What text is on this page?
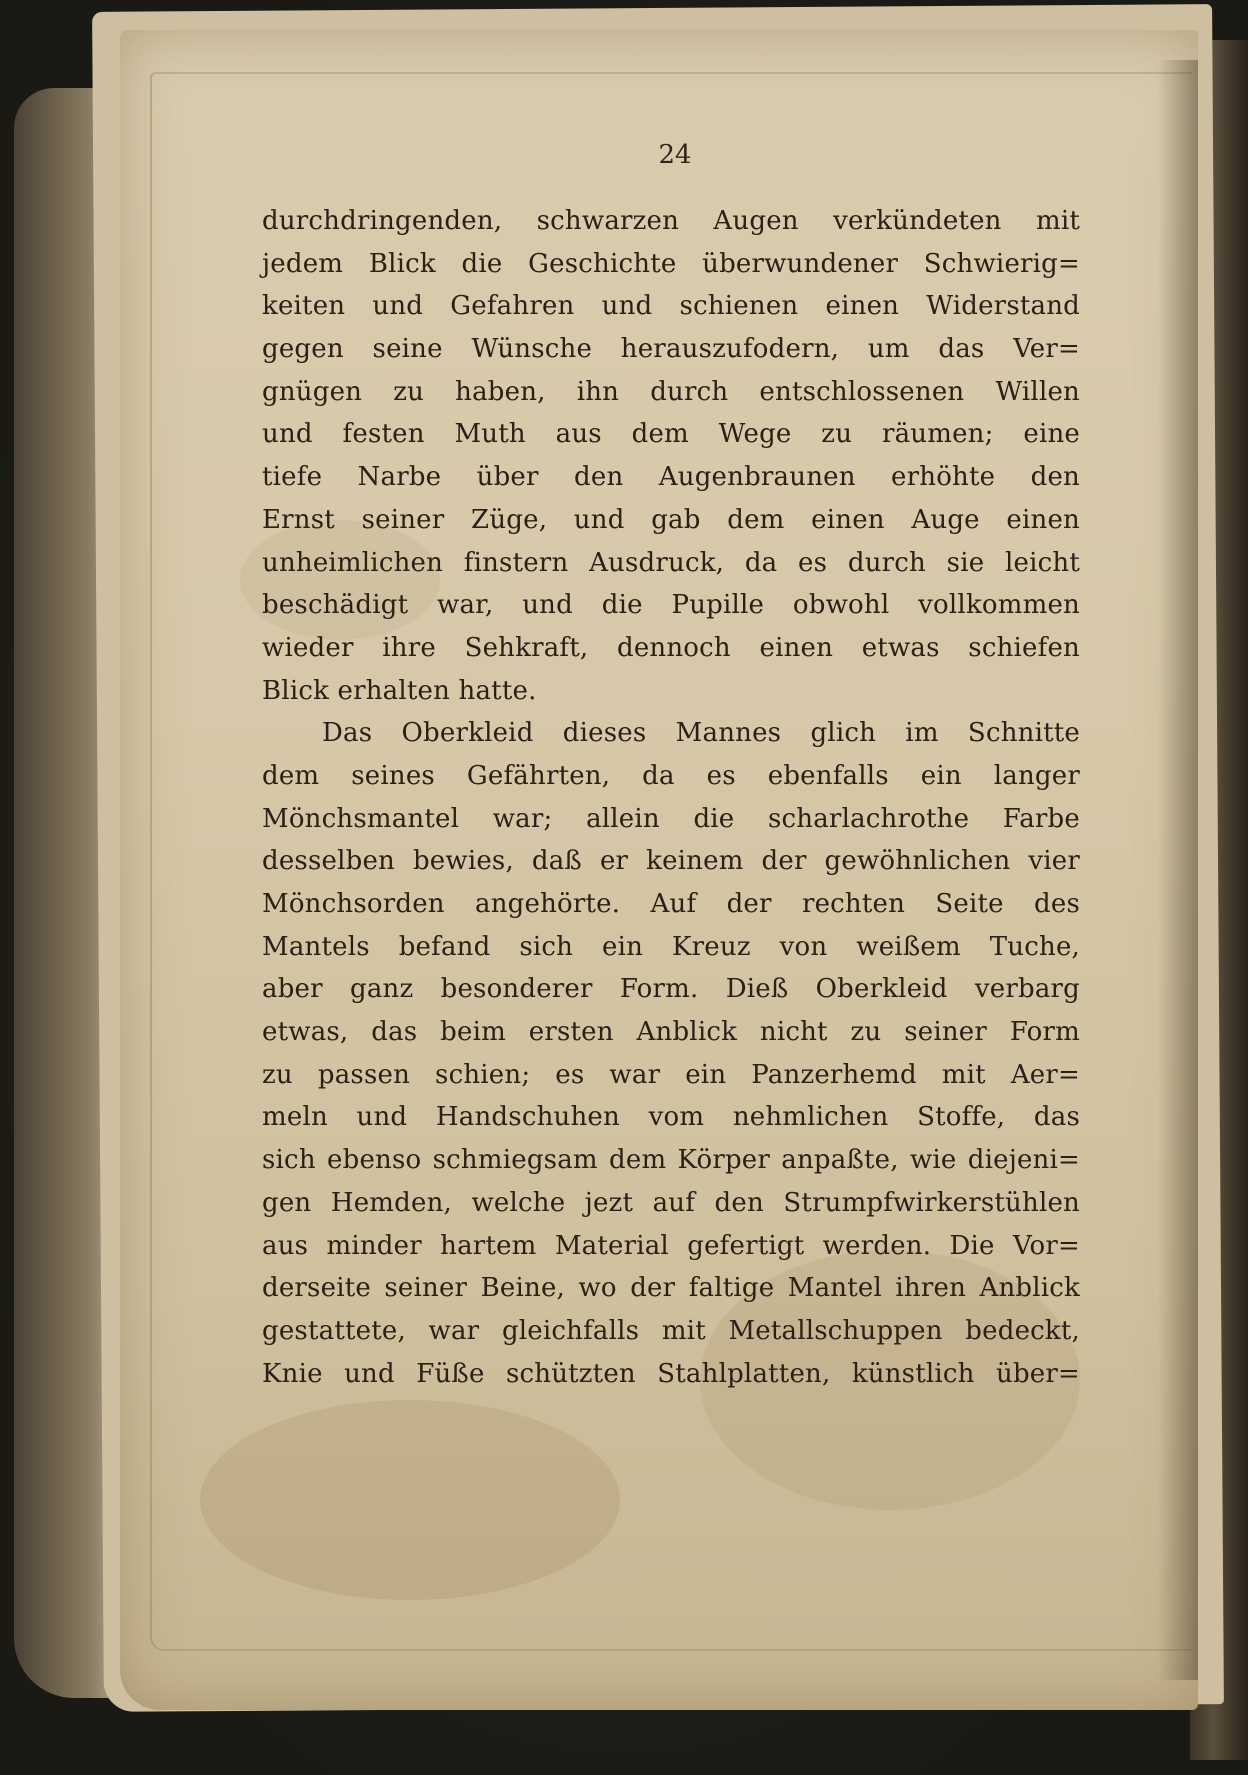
24
durchdringenden, schwarzen Augen verkündeten mit
jedem Blick die Geschichte überwundener Schwierig=
keiten und Gefahren und schienen einen Widerstand
gegen seine Wünsche herauszufodern, um das Ver=
gnügen zu haben, ihn durch entschlossenen Willen
und festen Muth aus dem Wege zu räumen; eine
tiefe Narbe über den Augenbraunen erhöhte den
Ernst seiner Züge, und gab dem einen Auge einen
unheimlichen finstern Ausdruck, da es durch sie leicht
beschädigt war, und die Pupille obwohl vollkommen
wieder ihre Sehkraft, dennoch einen etwas schiefen
Blick erhalten hatte.
Das Oberkleid dieses Mannes glich im Schnitte
dem seines Gefährten, da es ebenfalls ein langer
Mönchsmantel war; allein die scharlachrothe Farbe
desselben bewies, daß er keinem der gewöhnlichen vier
Mönchsorden angehörte. Auf der rechten Seite des
Mantels befand sich ein Kreuz von weißem Tuche,
aber ganz besonderer Form. Dieß Oberkleid verbarg
etwas, das beim ersten Anblick nicht zu seiner Form
zu passen schien; es war ein Panzerhemd mit Aer=
meln und Handschuhen vom nehmlichen Stoffe, das
sich ebenso schmiegsam dem Körper anpaßte, wie diejeni=
gen Hemden, welche jezt auf den Strumpfwirkerstühlen
aus minder hartem Material gefertigt werden. Die Vor=
derseite seiner Beine, wo der faltige Mantel ihren Anblick
gestattete, war gleichfalls mit Metallschuppen bedeckt,
Knie und Füße schützten Stahlplatten, künstlich über=
